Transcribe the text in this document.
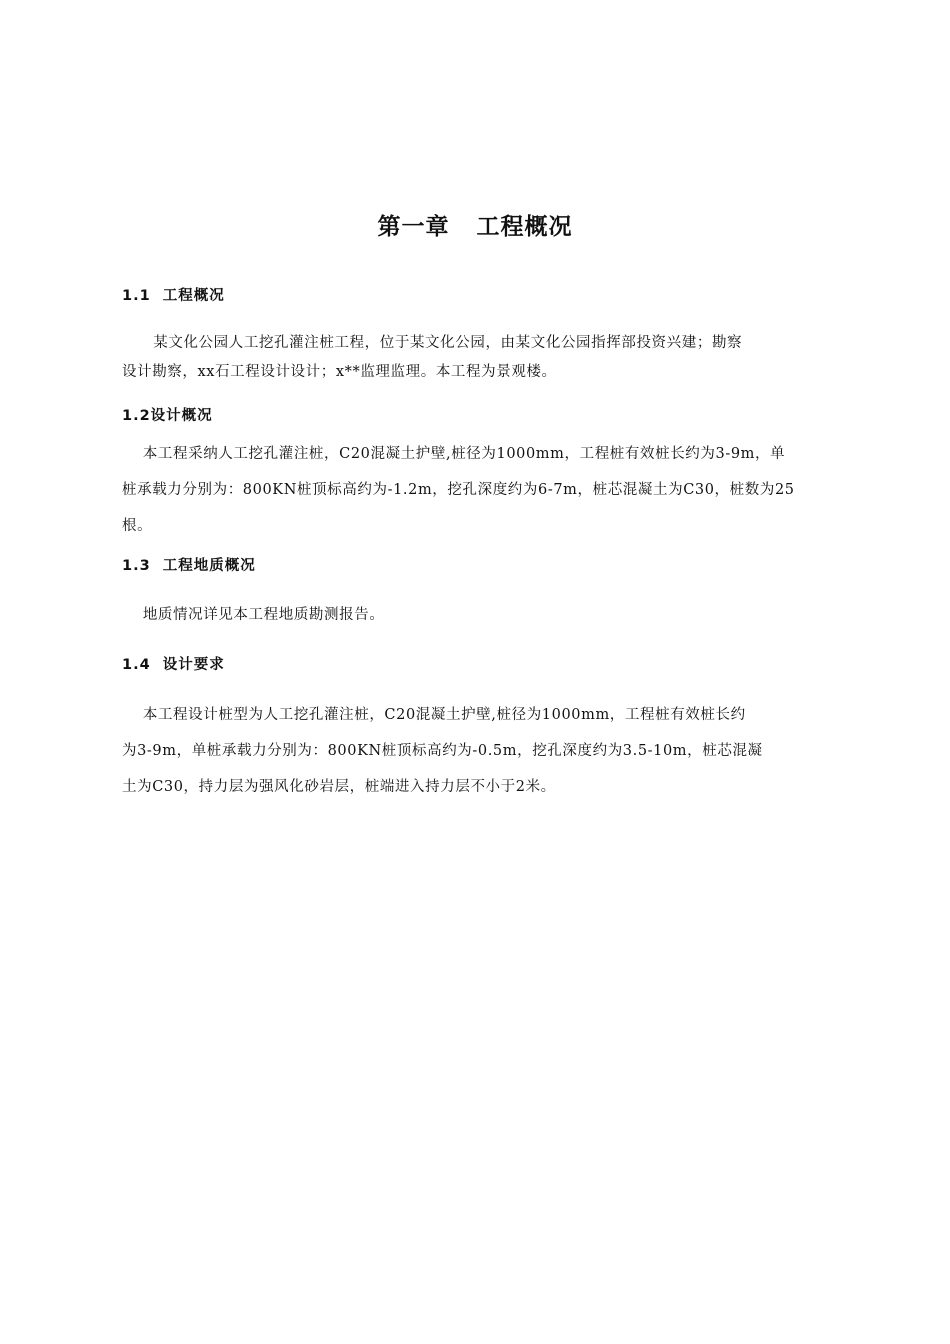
第一章   工程概况
1.1  工程概况
某文化公园人工挖孔灌注桩工程，位于某文化公园，由某文化公园指挥部投资兴建；勘察
设计勘察，xx石工程设计设计；x**监理监理。本工程为景观楼。
1.2设计概况
本工程采纳人工挖孔灌注桩，C20混凝土护壁,桩径为1000mm，工程桩有效桩长约为3-9m，单
桩承载力分别为：800KN桩顶标高约为-1.2m，挖孔深度约为6-7m，桩芯混凝土为C30，桩数为25
根。
1.3  工程地质概况
地质情况详见本工程地质勘测报告。
1.4  设计要求
本工程设计桩型为人工挖孔灌注桩，C20混凝土护壁,桩径为1000mm，工程桩有效桩长约
为3-9m，单桩承载力分别为：800KN桩顶标高约为-0.5m，挖孔深度约为3.5-10m，桩芯混凝
土为C30，持力层为强风化砂岩层，桩端进入持力层不小于2米。
